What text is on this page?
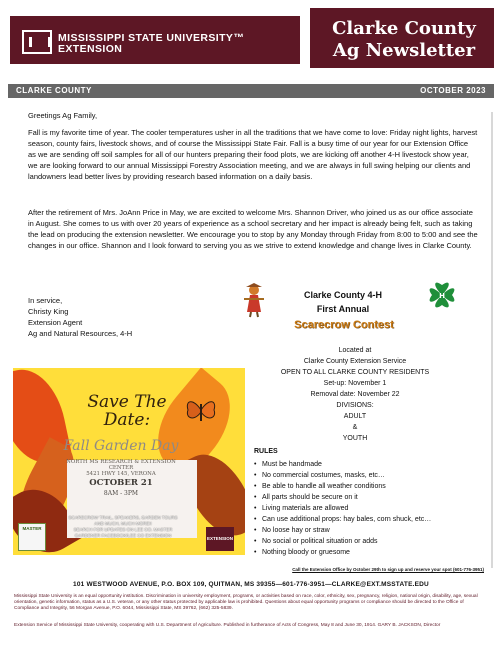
MISSISSIPPI STATE UNIVERSITY™
EXTENSION
Clarke County
Ag Newsletter
CLARKE COUNTY	OCTOBER 2023
Greetings Ag Family,
Fall is my favorite time of year. The cooler temperatures usher in all the traditions that we have come to love: Friday night lights, harvest season, county fairs, livestock shows, and of course the Mississippi State Fair. Fall is a busy time of our year for our Extension Office as we are sending off soil samples for all of our hunters preparing their food plots, we are kicking off another 4-H livestock show year, we are looking forward to our annual Mississippi Forestry Association meeting, and we are always in full swing helping our clients and landowners lead better lives by providing research based information on a daily basis.
After the retirement of Mrs. JoAnn Price in May, we are excited to welcome Mrs. Shannon Driver, who joined us as our office associate in August. She comes to us with over 20 years of experience as a school secretary and her impact is already being felt, such as taking the lead on producing the extension newsletter. We encourage you to stop by any Monday through Friday from 8:00 to 5:00 and see the changes in our office. Shannon and I look forward to serving you as we strive to extend knowledge and change lives in Clarke County.
In service,
Christy King
Extension Agent
Ag and Natural Resources, 4-H
H
Clarke County 4-H
First Annual
Scarecrow Contest
Located at
Clarke County Extension Service
OPEN TO ALL CLARKE COUNTY RESIDENTS
Set-up: November 1
Removal date: November 22
DIVISIONS:
ADULT
&
YOUTH
RULES
• Must be handmade
• No commercial costumes, masks, etc…
• Be able to handle all weather conditions
• All parts should be secure on it
• Living materials are allowed
• Can use additional props: hay bales, corn shuck, etc…
• No loose hay or straw
• No social or political situation or adds
• Nothing bloody or gruesome
Save The Date:
Fall Garden Day
NORTH MS RESEARCH & EXTENSION
CENTER
5421 HWY 145, VERONA
OCTOBER 21
8AM - 3PM
SCARECROW TRAIL, SPEAKERS, GARDEN TOURS
AND MUCH, MUCH MORE!!
SEARCH FOR UPDATES ON LEE CO. MASTER
GARDENER FACEBOOK/LEE CO EXTENSION
MASTER
EXTENSION
Call the Extension Office by October 29th to sign up and reserve your spot (601-776-3951)
101 WESTWOOD AVENUE, P.O. BOX 109, QUITMAN, MS 39355—601-776-3951—CLARKE@EXT.MSSTATE.EDU
Mississippi State University is an equal opportunity institution. Discrimination in university employment, programs, or activities based on race, color, ethnicity, sex, pregnancy, religion, national origin, disability, age, sexual orientation, genetic information, status as a U.S. veteran, or any other status protected by applicable law is prohibited. Questions about equal opportunity programs or compliance should be directed to the Office of Compliance and Integrity, 56 Morgan Avenue, P.O. 6044, Mississippi State, MS 39762, (662) 325-5839.
Extension Service of Mississippi State University, cooperating with U.S. Department of Agriculture. Published in furtherance of Acts of Congress, May 8 and June 30, 1914. GARY B. JACKSON, Director
